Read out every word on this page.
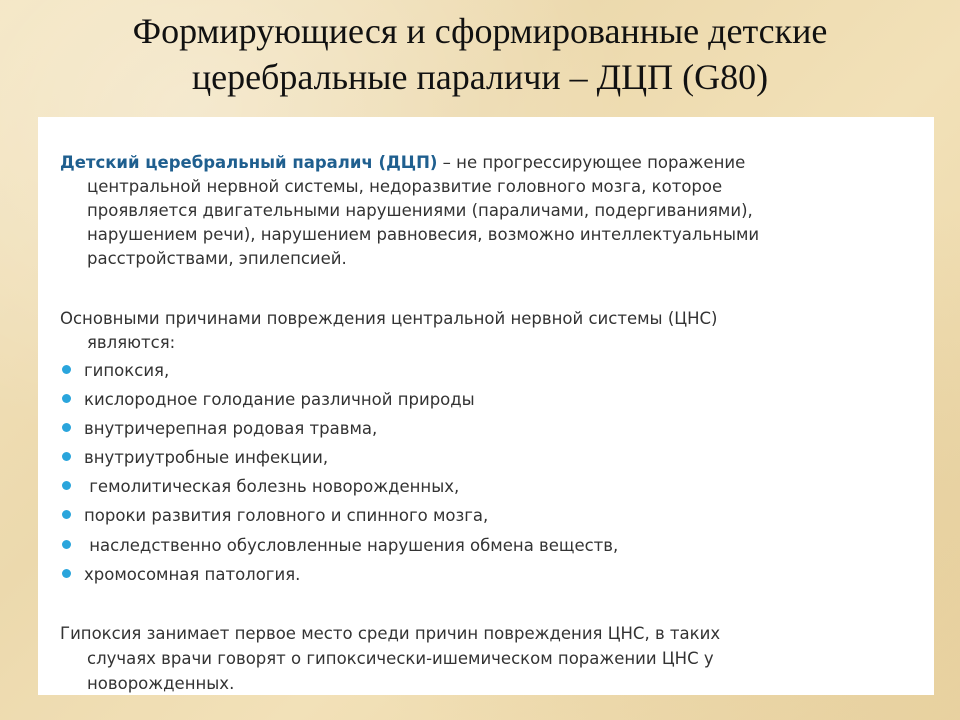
Формирующиеся и сформированные детские
церебральные параличи – ДЦП (G80)
Детский церебральный паралич (ДЦП) – не прогрессирующее поражение
центральной нервной системы, недоразвитие головного мозга, которое
проявляется двигательными нарушениями (параличами, подергиваниями),
нарушением речи), нарушением равновесия, возможно интеллектуальными
расстройствами, эпилепсией.
Основными причинами повреждения центральной нервной системы (ЦНС)
являются:
гипоксия,
кислородное голодание различной природы
внутричерепная родовая травма,
внутриутробные инфекции,
гемолитическая болезнь новорожденных,
пороки развития головного и спинного мозга,
наследственно обусловленные нарушения обмена веществ,
хромосомная патология.
Гипоксия занимает первое место среди причин повреждения ЦНС, в таких
случаях врачи говорят о гипоксически-ишемическом поражении ЦНС у
новорожденных.
